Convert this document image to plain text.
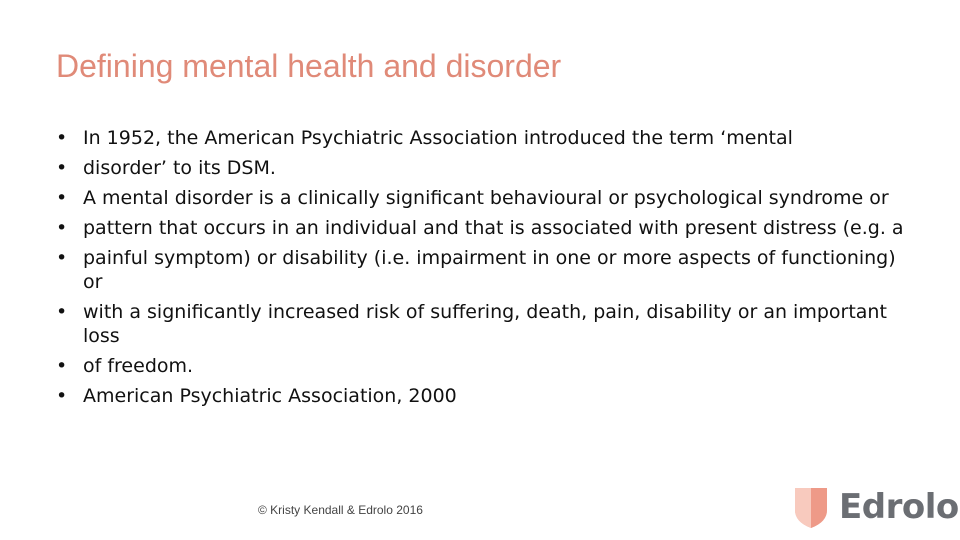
Defining mental health and disorder
• In 1952, the American Psychiatric Association introduced the term ‘mental
• disorder’ to its DSM.
• A mental disorder is a clinically significant behavioural or psychological syndrome or
• pattern that occurs in an individual and that is associated with present distress (e.g. a
• painful symptom) or disability (i.e. impairment in one or more aspects of functioning) or
• with a significantly increased risk of suffering, death, pain, disability or an important loss
• of freedom.
• American Psychiatric Association, 2000
© Kristy Kendall & Edrolo 2016	Edrolo
